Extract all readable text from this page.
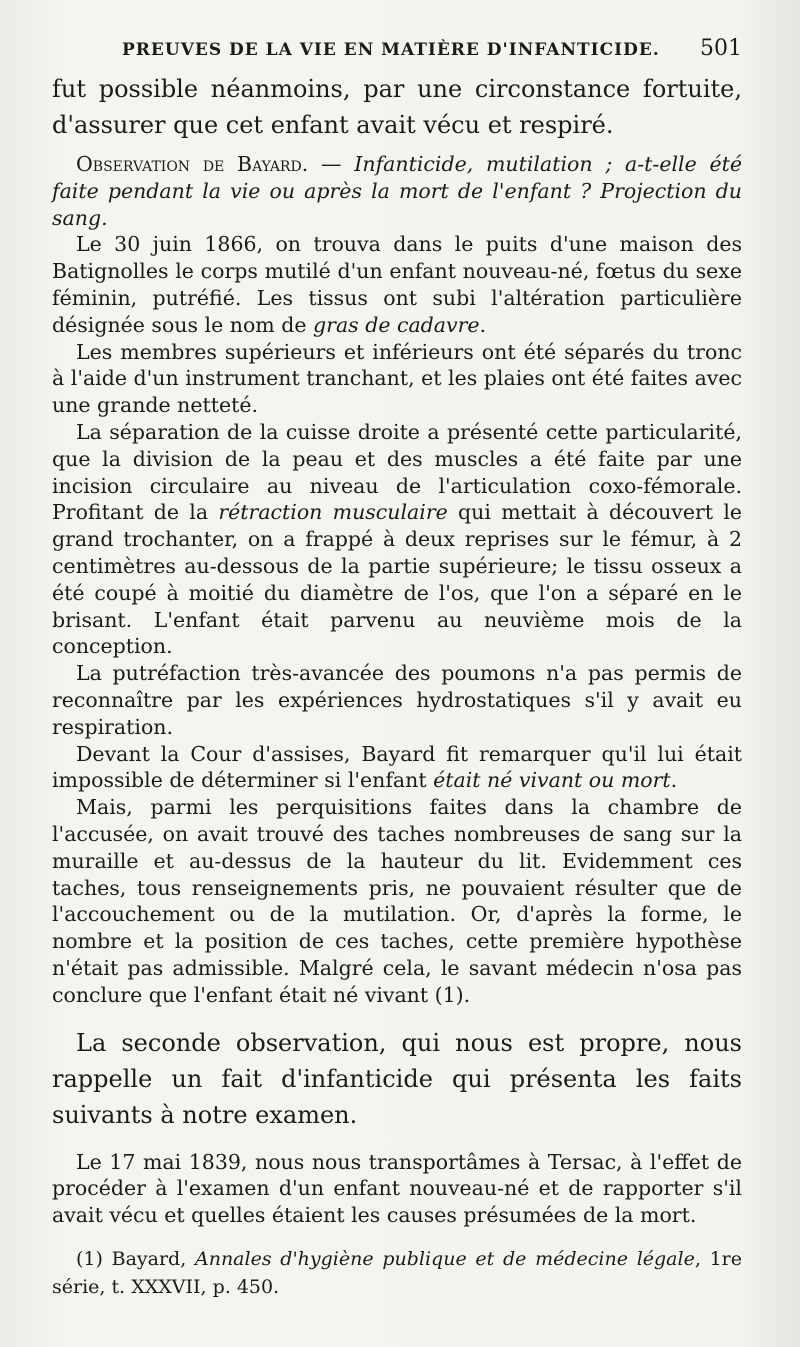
PREUVES DE LA VIE EN MATIÈRE D'INFANTICIDE. 501

fut possible néanmoins, par une circonstance fortuite, d'assurer que cet enfant avait vécu et respiré.

Observation de Bayard. — Infanticide, mutilation ; a-t-elle été faite pendant la vie ou après la mort de l'enfant ? Projection du sang.

Le 30 juin 1866, on trouva dans le puits d'une maison des Batignolles le corps mutilé d'un enfant nouveau-né, fœtus du sexe féminin, putréfié. Les tissus ont subi l'altération particulière désignée sous le nom de gras de cadavre.

Les membres supérieurs et inférieurs ont été séparés du tronc à l'aide d'un instrument tranchant, et les plaies ont été faites avec une grande netteté.

La séparation de la cuisse droite a présenté cette particularité, que la division de la peau et des muscles a été faite par une incision circulaire au niveau de l'articulation coxo-fémorale. Profitant de la rétraction musculaire qui mettait à découvert le grand trochanter, on a frappé à deux reprises sur le fémur, à 2 centimètres au-dessous de la partie supérieure; le tissu osseux a été coupé à moitié du diamètre de l'os, que l'on a séparé en le brisant. L'enfant était parvenu au neuvième mois de la conception.

La putréfaction très-avancée des poumons n'a pas permis de reconnaître par les expériences hydrostatiques s'il y avait eu respiration.

Devant la Cour d'assises, Bayard fit remarquer qu'il lui était impossible de déterminer si l'enfant était né vivant ou mort.

Mais, parmi les perquisitions faites dans la chambre de l'accusée, on avait trouvé des taches nombreuses de sang sur la muraille et au-dessus de la hauteur du lit. Evidemment ces taches, tous renseignements pris, ne pouvaient résulter que de l'accouchement ou de la mutilation. Or, d'après la forme, le nombre et la position de ces taches, cette première hypothèse n'était pas admissible. Malgré cela, le savant médecin n'osa pas conclure que l'enfant était né vivant (1).

La seconde observation, qui nous est propre, nous rappelle un fait d'infanticide qui présenta les faits suivants à notre examen.

Le 17 mai 1839, nous nous transportâmes à Tersac, à l'effet de procéder à l'examen d'un enfant nouveau-né et de rapporter s'il avait vécu et quelles étaient les causes présumées de la mort.

(1) Bayard, Annales d'hygiène publique et de médecine légale, 1re série, t. XXXVII, p. 450.
